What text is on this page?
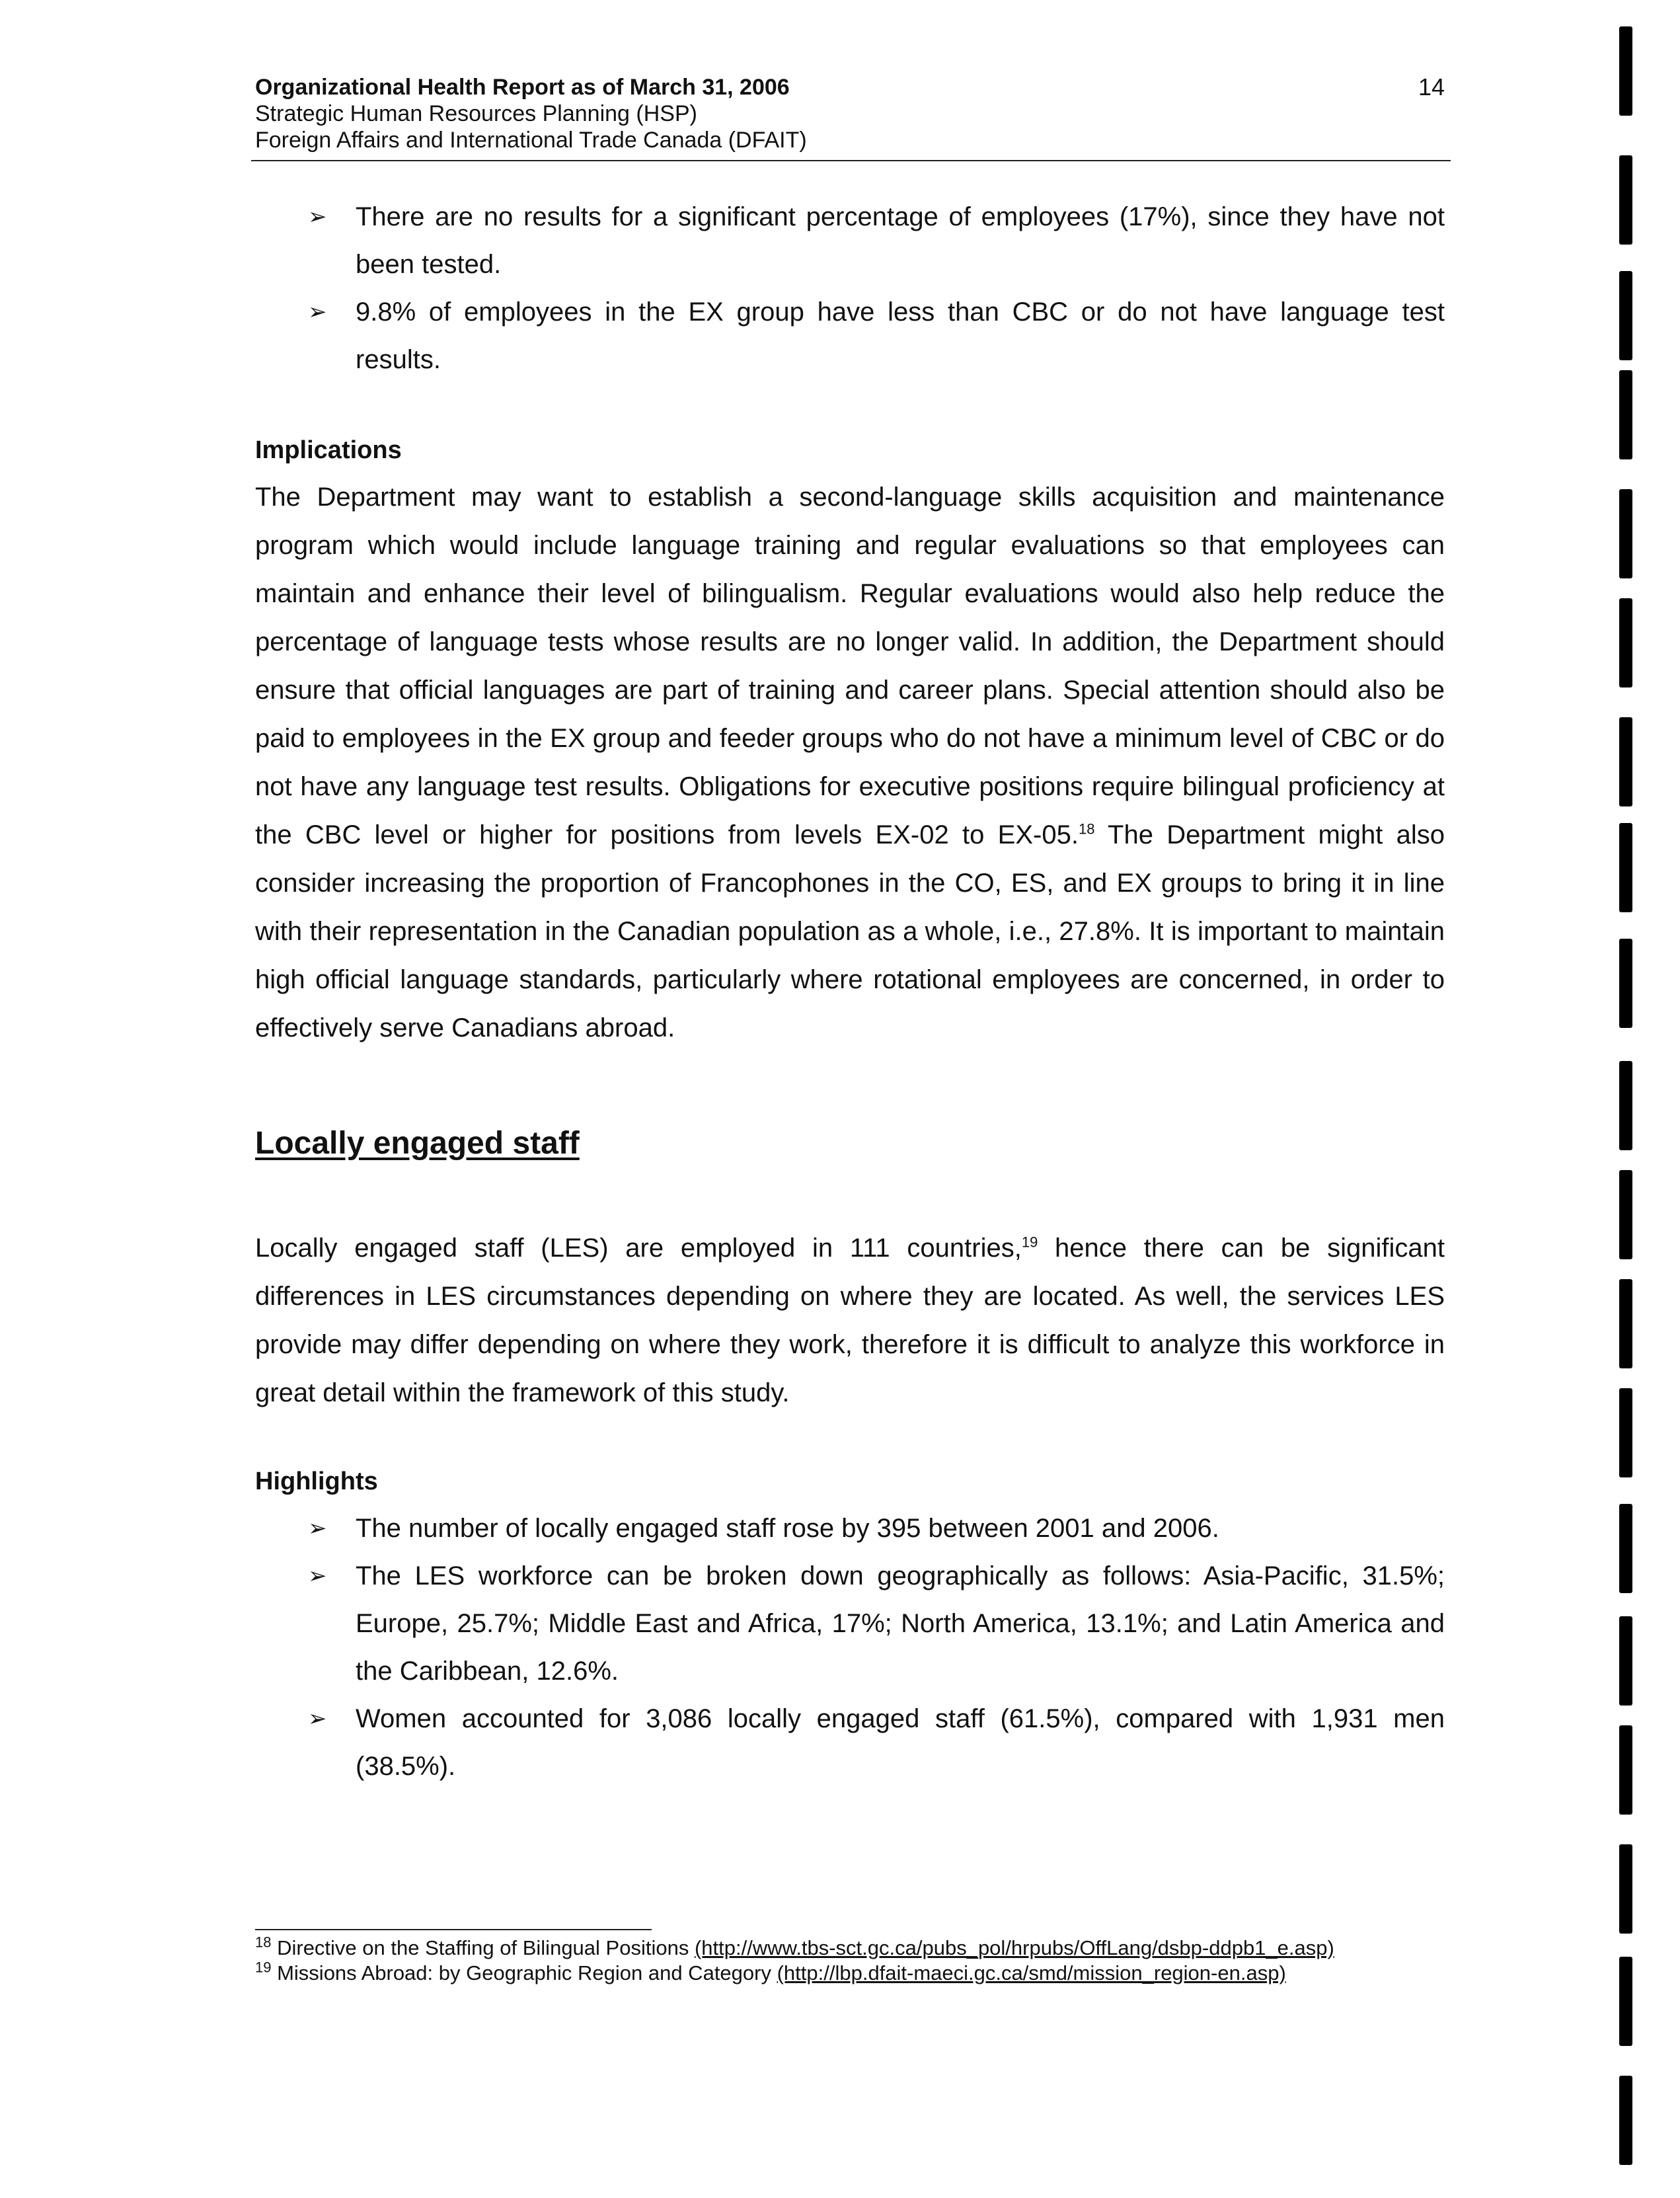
Organizational Health Report as of March 31, 2006
Strategic Human Resources Planning (HSP)
Foreign Affairs and International Trade Canada (DFAIT)
14
➢ There are no results for a significant percentage of employees (17%), since they have not been tested.
➢ 9.8% of employees in the EX group have less than CBC or do not have language test results.
Implications

The Department may want to establish a second-language skills acquisition and maintenance program which would include language training and regular evaluations so that employees can maintain and enhance their level of bilingualism. Regular evaluations would also help reduce the percentage of language tests whose results are no longer valid. In addition, the Department should ensure that official languages are part of training and career plans. Special attention should also be paid to employees in the EX group and feeder groups who do not have a minimum level of CBC or do not have any language test results. Obligations for executive positions require bilingual proficiency at the CBC level or higher for positions from levels EX-02 to EX-05.18 The Department might also consider increasing the proportion of Francophones in the CO, ES, and EX groups to bring it in line with their representation in the Canadian population as a whole, i.e., 27.8%. It is important to maintain high official language standards, particularly where rotational employees are concerned, in order to effectively serve Canadians abroad.

Locally engaged staff

Locally engaged staff (LES) are employed in 111 countries,$^{19}$ hence there can be significant differences in LES circumstances depending on where they are located. As well, the services LES provide may differ depending on where they work, therefore it is difficult to analyze this workforce in great detail within the framework of this study.

Highlights
➢ The number of locally engaged staff rose by 395 between 2001 and 2006.
➢ The LES workforce can be broken down geographically as follows: Asia-Pacific, 31.5%; Europe, 25.7%; Middle East and Africa, 17%; North America, 13.1%; and Latin America and the Caribbean, 12.6%.
➢ Women accounted for 3,086 locally engaged staff (61.5%), compared with 1,931 men (38.5%).
$^{18}$ Directive on the Staffing of Bilingual Positions (http://www.tbs-sct.gc.ca/pubs_pol/hrpubs/OffLang/dsbp-ddpb1_e.asp)
$^{19}$ Missions Abroad: by Geographic Region and Category (http://lbp.dfait-maeci.gc.ca/smd/mission_region-en.asp)
